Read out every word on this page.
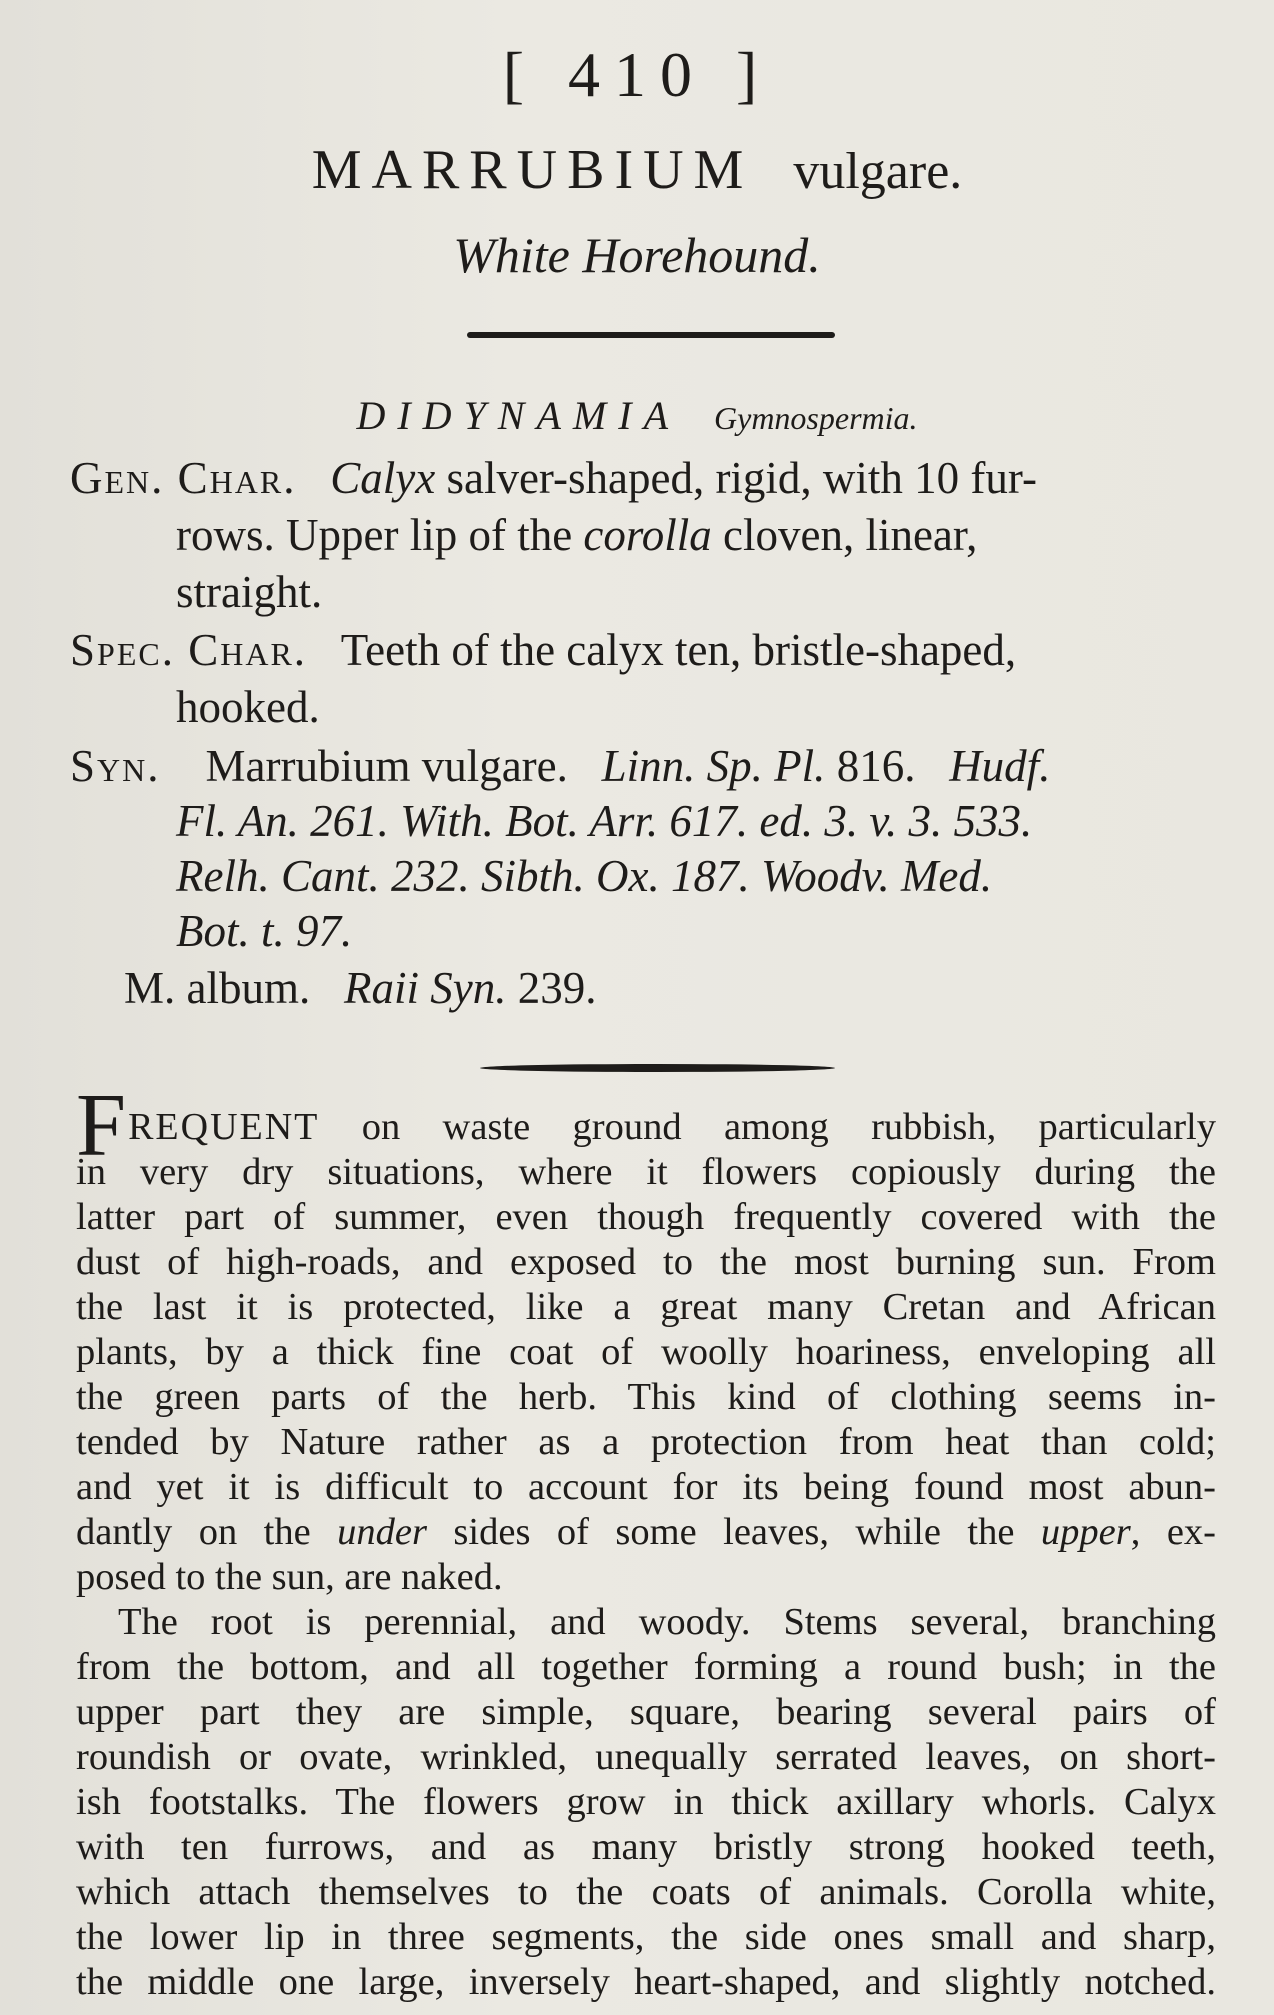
[ 410 ]
MARRUBIUM vulgare.
White Horehound.
DIDYNAMIA Gymnospermia.
Gen. Char. Calyx salver-shaped, rigid, with 10 fur-
rows. Upper lip of the corolla cloven, linear,
straight.
Spec. Char. Teeth of the calyx ten, bristle-shaped,
hooked.
Syn. Marrubium vulgare. Linn. Sp. Pl. 816. Hudf.
Fl. An. 261. With. Bot. Arr. 617. ed. 3. v. 3. 533.
Relh. Cant. 232. Sibth. Ox. 187. Woodv. Med.
Bot. t. 97.
M. album. Raii Syn. 239.
FREQUENT on waste ground among rubbish, particularly
in very dry situations, where it flowers copiously during the
latter part of summer, even though frequently covered with the
dust of high-roads, and exposed to the most burning sun. From
the last it is protected, like a great many Cretan and African
plants, by a thick fine coat of woolly hoariness, enveloping all
the green parts of the herb. This kind of clothing seems in-
tended by Nature rather as a protection from heat than cold;
and yet it is difficult to account for its being found most abun-
dantly on the under sides of some leaves, while the upper, ex-
posed to the sun, are naked.
The root is perennial, and woody. Stems several, branching
from the bottom, and all together forming a round bush; in the
upper part they are simple, square, bearing several pairs of
roundish or ovate, wrinkled, unequally serrated leaves, on short-
ish footstalks. The flowers grow in thick axillary whorls. Calyx
with ten furrows, and as many bristly strong hooked teeth,
which attach themselves to the coats of animals. Corolla white,
the lower lip in three segments, the side ones small and sharp,
the middle one large, inversely heart-shaped, and slightly notched.
